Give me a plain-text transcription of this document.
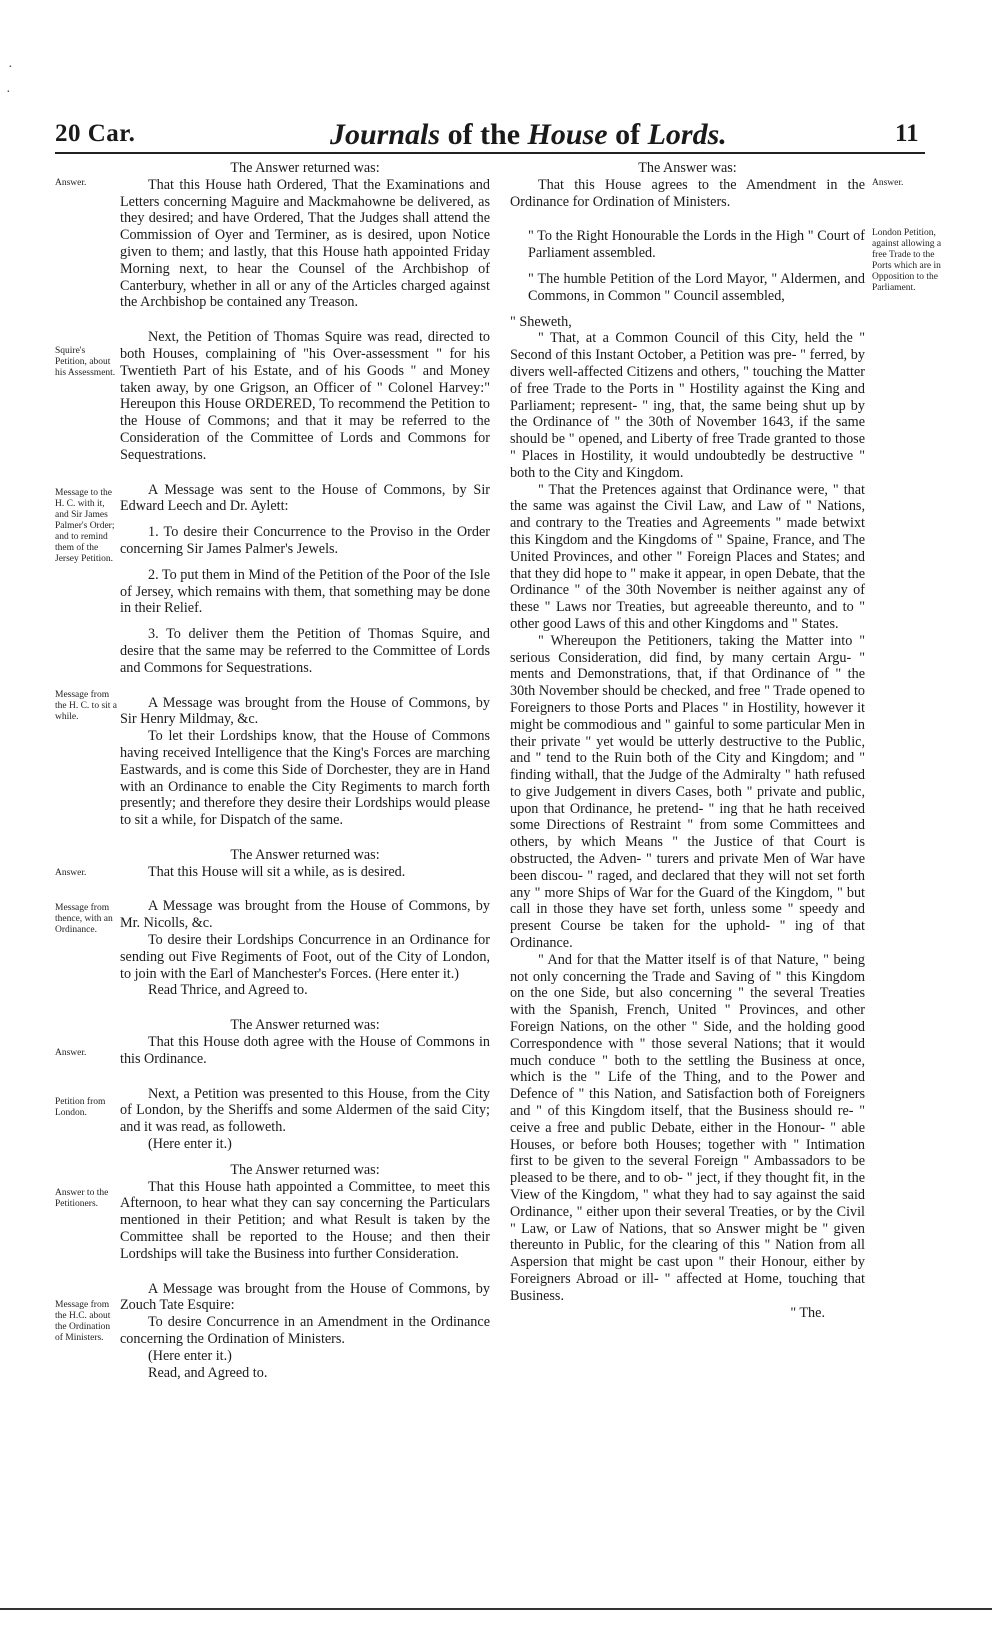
·
·
20 Car.	Journals of the House of Lords.	11
Answer.
Squire's Petition, about his Assessment.
Message to the H. C. with it, and Sir James Palmer's Order; and to remind them of the Jersey Petition.
Message from the H. C. to sit a while.
Answer.
Message from thence, with an Ordinance.
Answer.
Petition from London.
Answer to the Petitioners.
Message from the H.C. about the Ordination of Ministers.
Answer.
London Petition, against allowing a free Trade to the Ports which are in Opposition to the Parliament.

The Answer returned was:

That this House hath Ordered, That the Examinations and Letters concerning Maguire and Mackmahowne be delivered, as they desired; and have Ordered, That the Judges shall attend the Commission of Oyer and Terminer, as is desired, upon Notice given to them; and lastly, that this House hath appointed Friday Morning next, to hear the Counsel of the Archbishop of Canterbury, whether in all or any of the Articles charged against the Archbishop be contained any Treason.

Next, the Petition of Thomas Squire was read, directed to both Houses, complaining of "his Over-assessment " for his Twentieth Part of his Estate, and of his Goods " and Money taken away, by one Grigson, an Officer of " Colonel Harvey:" Hereupon this House ORDERED, To recommend the Petition to the House of Commons; and that it may be referred to the Consideration of the Committee of Lords and Commons for Sequestrations.

A Message was sent to the House of Commons, by Sir Edward Leech and Dr. Aylett:

1. To desire their Concurrence to the Proviso in the Order concerning Sir James Palmer's Jewels.

2. To put them in Mind of the Petition of the Poor of the Isle of Jersey, which remains with them, that something may be done in their Relief.

3. To deliver them the Petition of Thomas Squire, and desire that the same may be referred to the Committee of Lords and Commons for Sequestrations.

A Message was brought from the House of Commons, by Sir Henry Mildmay, &c.

To let their Lordships know, that the House of Commons having received Intelligence that the King's Forces are marching Eastwards, and is come this Side of Dorchester, they are in Hand with an Ordinance to enable the City Regiments to march forth presently; and therefore they desire their Lordships would please to sit a while, for Dispatch of the same.

The Answer returned was:

That this House will sit a while, as is desired.

A Message was brought from the House of Commons, by Mr. Nicolls, &c.

To desire their Lordships Concurrence in an Ordinance for sending out Five Regiments of Foot, out of the City of London, to join with the Earl of Manchester's Forces. (Here enter it.)

Read Thrice, and Agreed to.

The Answer returned was:

That this House doth agree with the House of Commons in this Ordinance.

Next, a Petition was presented to this House, from the City of London, by the Sheriffs and some Aldermen of the said City; and it was read, as followeth.

(Here enter it.)

The Answer returned was:

That this House hath appointed a Committee, to meet this Afternoon, to hear what they can say concerning the Particulars mentioned in their Petition; and what Result is taken by the Committee shall be reported to the House; and then their Lordships will take the Business into further Consideration.

A Message was brought from the House of Commons, by Zouch Tate Esquire:

To desire Concurrence in an Amendment in the Ordinance concerning the Ordination of Ministers.

(Here enter it.)

Read, and Agreed to.

The Answer was:

That this House agrees to the Amendment in the Ordinance for Ordination of Ministers.

" To the Right Honourable the Lords in the High " Court of Parliament assembled.

" The humble Petition of the Lord Mayor, " Aldermen, and Commons, in Common " Council assembled,

" Sheweth,

" That, at a Common Council of this City, held the " Second of this Instant October, a Petition was pre- " ferred, by divers well-affected Citizens and others, " touching the Matter of free Trade to the Ports in " Hostility against the King and Parliament; represent- " ing, that, the same being shut up by the Ordinance of " the 30th of November 1643, if the same should be " opened, and Liberty of free Trade granted to those " Places in Hostility, it would undoubtedly be destructive " both to the City and Kingdom.

" That the Pretences against that Ordinance were, " that the same was against the Civil Law, and Law of " Nations, and contrary to the Treaties and Agreements " made betwixt this Kingdom and the Kingdoms of " Spaine, France, and The United Provinces, and other " Foreign Places and States; and that they did hope to " make it appear, in open Debate, that the Ordinance " of the 30th November is neither against any of these " Laws nor Treaties, but agreeable thereunto, and to " other good Laws of this and other Kingdoms and " States.

" Whereupon the Petitioners, taking the Matter into " serious Consideration, did find, by many certain Argu- " ments and Demonstrations, that, if that Ordinance of " the 30th November should be checked, and free " Trade opened to Foreigners to those Ports and Places " in Hostility, however it might be commodious and " gainful to some particular Men in their private " yet would be utterly destructive to the Public, and " tend to the Ruin both of the City and Kingdom; and " finding withall, that the Judge of the Admiralty " hath refused to give Judgement in divers Cases, both " private and public, upon that Ordinance, he pretend- " ing that he hath received some Directions of Restraint " from some Committees and others, by which Means " the Justice of that Court is obstructed, the Adven- " turers and private Men of War have been discou- " raged, and declared that they will not set forth any " more Ships of War for the Guard of the Kingdom, " but call in those they have set forth, unless some " speedy and present Course be taken for the uphold- " ing of that Ordinance.

" And for that the Matter itself is of that Nature, " being not only concerning the Trade and Saving of " this Kingdom on the one Side, but also concerning " the several Treaties with the Spanish, French, United " Provinces, and other Foreign Nations, on the other " Side, and the holding good Correspondence with " those several Nations; that it would much conduce " both to the settling the Business at once, which is the " Life of the Thing, and to the Power and Defence of " this Nation, and Satisfaction both of Foreigners and " of this Kingdom itself, that the Business should re- " ceive a free and public Debate, either in the Honour- " able Houses, or before both Houses; together with " Intimation first to be given to the several Foreign " Ambassadors to be pleased to be there, and to ob- " ject, if they thought fit, in the View of the Kingdom, " what they had to say against the said Ordinance, " either upon their several Treaties, or by the Civil " Law, or Law of Nations, that so Answer might be " given thereunto in Public, for the clearing of this " Nation from all Aspersion that might be cast upon " their Honour, either by Foreigners Abroad or ill- " affected at Home, touching that Business.

" The.
